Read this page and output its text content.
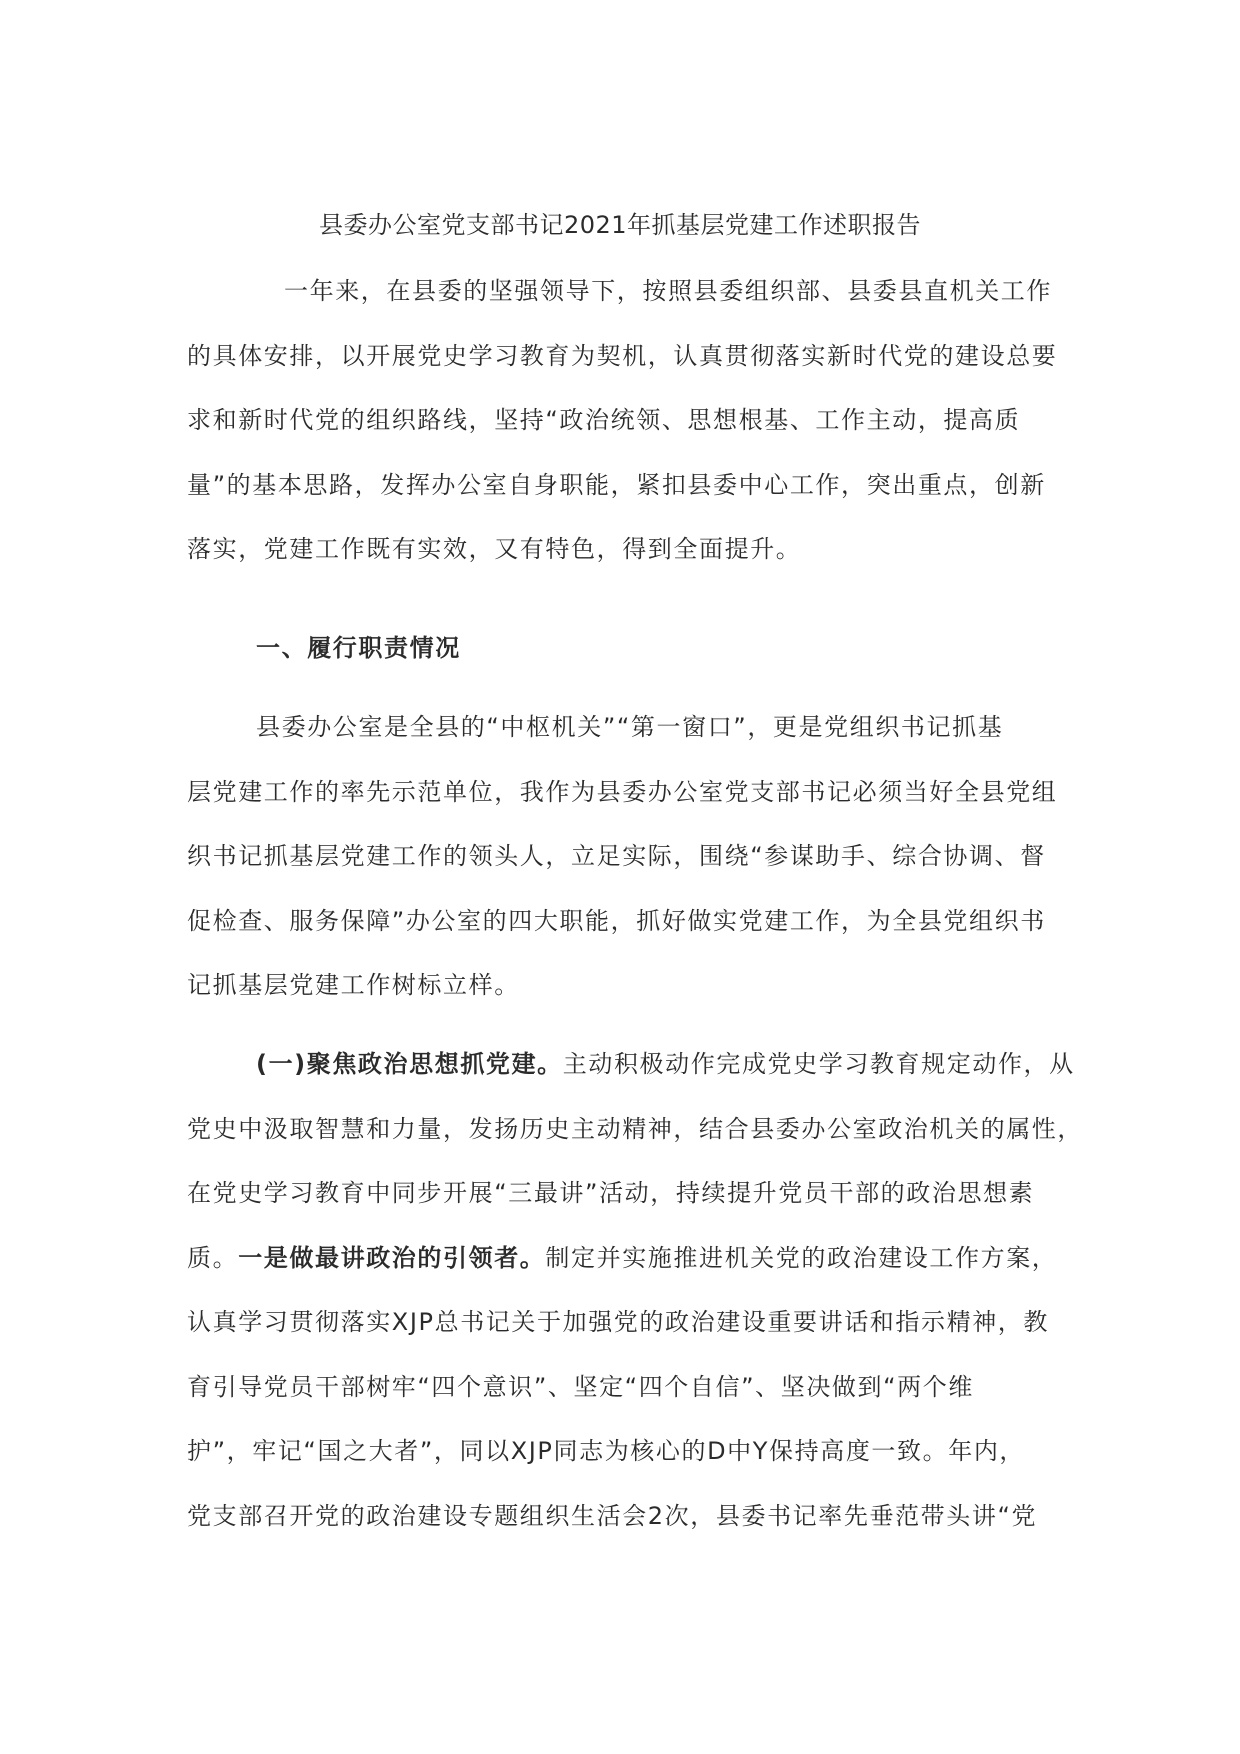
县委办公室党支部书记2021年抓基层党建工作述职报告

一年来，在县委的坚强领导下，按照县委组织部、县委县直机关工作
的具体安排，以开展党史学习教育为契机，认真贯彻落实新时代党的建设总要
求和新时代党的组织路线，坚持“政治统领、思想根基、工作主动，提高质
量”的基本思路，发挥办公室自身职能，紧扣县委中心工作，突出重点，创新
落实，党建工作既有实效，又有特色，得到全面提升。

一、履行职责情况

县委办公室是全县的“中枢机关”“第一窗口”，更是党组织书记抓基
层党建工作的率先示范单位，我作为县委办公室党支部书记必须当好全县党组
织书记抓基层党建工作的领头人，立足实际，围绕“参谋助手、综合协调、督
促检查、服务保障”办公室的四大职能，抓好做实党建工作，为全县党组织书
记抓基层党建工作树标立样。

(一)聚焦政治思想抓党建。主动积极动作完成党史学习教育规定动作，从
党史中汲取智慧和力量，发扬历史主动精神，结合县委办公室政治机关的属性，
在党史学习教育中同步开展“三最讲”活动，持续提升党员干部的政治思想素
质。一是做最讲政治的引领者。制定并实施推进机关党的政治建设工作方案，
认真学习贯彻落实XJP总书记关于加强党的政治建设重要讲话和指示精神，教
育引导党员干部树牢“四个意识”、坚定“四个自信”、坚决做到“两个维
护”，牢记“国之大者”，同以XJP同志为核心的D中Y保持高度一致。年内，
党支部召开党的政治建设专题组织生活会2次，县委书记率先垂范带头讲“党
